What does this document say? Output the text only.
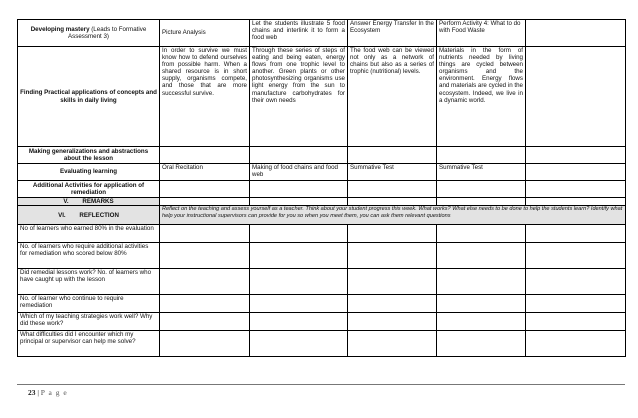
Developing mastery (Leads to Formative Assessment 3)	Picture Analysis	Let the students illustrate 5 food chains and interlink it to form a food web	Answer Energy Transfer In the Ecosystem	Perform Activity 4: What to do with Food Waste	
Finding Practical applications of concepts and skills in daily living	In order to survive we must know how to defend ourselves from possible harm. When a shared resource is in short supply, organisms compete, and those that are more successful survive.	Through these series of steps of eating and being eaten, energy flows from one trophic level to another. Green plants or other photosynthesizing organisms use light energy from the sun to manufacture carbohydrates for their own needs	The food web can be viewed not only as a network of chains but also as a series of trophic (nutritional) levels.	Materials in the form of nutrients needed by living things are cycled between organisms and the environment. Energy flows and materials are cycled in the ecosystem. Indeed, we live in a dynamic world.	
Making generalizations and abstractions about the lesson					
Evaluating learning	Oral Recitation	Making of food chains and food web	Summative Test	Summative Test	
Additional Activities for application of remediation					
V. REMARKS					
VI. REFLECTION	Reflect on the teaching and assess yourself as a teacher. Think about your student progress this week. What works? What else needs to be done to help the students learn? Identify what help your instructional supervisors can provide for you so when you meet them, you can ask them relevant questions				
No of learners who earned 80% in the evaluation					
No. of learners who require additional activities for remediation who scored below 80%					
Did remedial lessons work? No. of learners who have caught up with the lesson					
No. of learner who continue to require remediation					
Which of my teaching strategies work well? Why did these work?					
What difficulties did I encounter which my principal or supervisor can help me solve?					
23 | P a g e
